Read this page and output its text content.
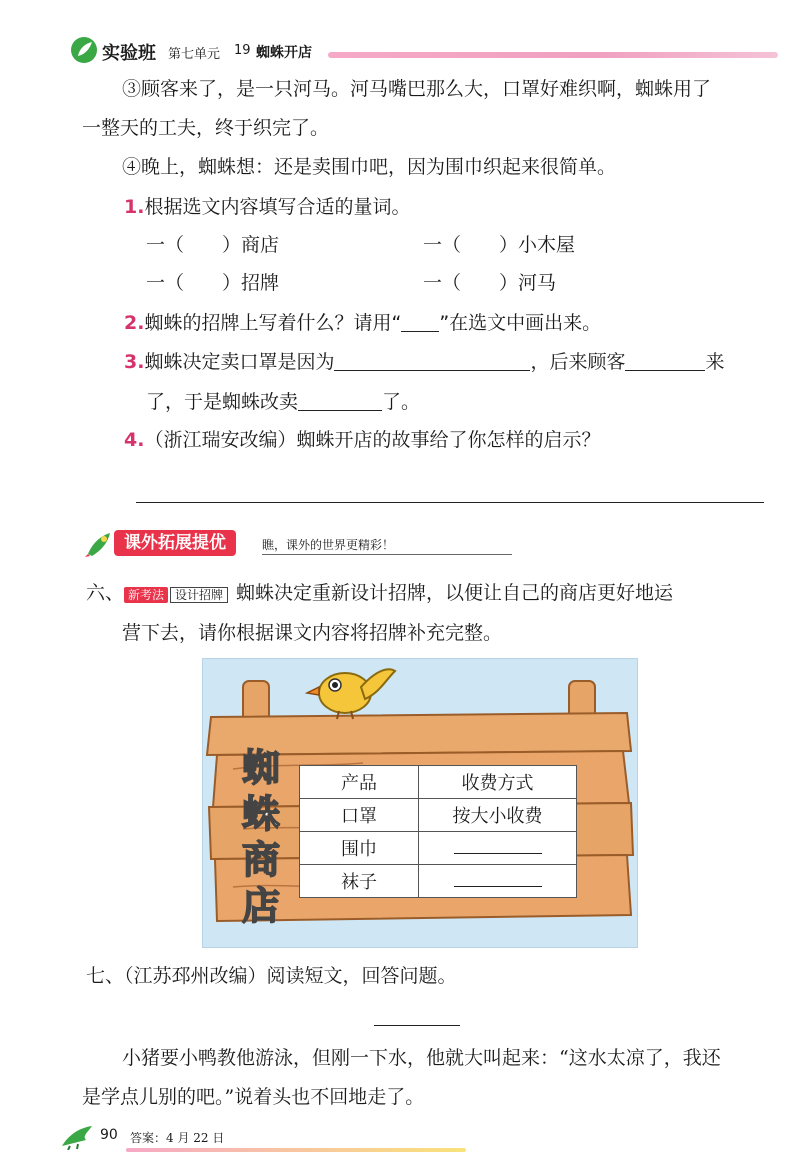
实验班 第七单元 19 蜘蛛开店
③顾客来了，是一只河马。河马嘴巴那么大，口罩好难织啊，蜘蛛用了
一整天的工夫，终于织完了。
④晚上，蜘蛛想：还是卖围巾吧，因为围巾织起来很简单。
1.根据选文内容填写合适的量词。
一（　　）商店	一（　　）小木屋
一（　　）招牌	一（　　）河马
2.蜘蛛的招牌上写着什么？请用“ ”在选文中画出来。
3.蜘蛛决定卖口罩是因为	，后来顾客	来
了，于是蜘蛛改卖	了。
4.（浙江瑞安改编）蜘蛛开店的故事给了你怎样的启示？
课外拓展提优	瞧，课外的世界更精彩！
六、 新考法 设计招牌 蜘蛛决定重新设计招牌，以便让自己的商店更好地运
营下去，请你根据课文内容将招牌补充完整。
蜘
蛛
商
店
产品	收费方式
口罩	按大小收费
围巾	
袜子	
七、（江苏邳州改编）阅读短文，回答问题。
小猪要小鸭教他游泳，但刚一下水，他就大叫起来：“这水太凉了，我还
是学点儿别的吧。”说着头也不回地走了。
90 答案：4 月 22 日
